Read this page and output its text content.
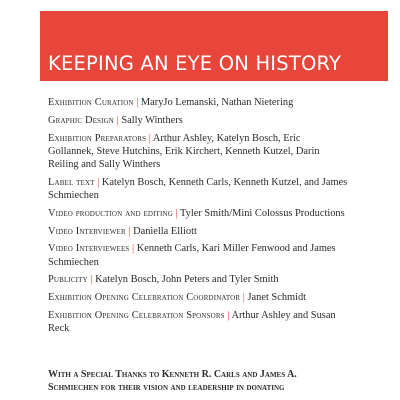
KEEPING AN EYE ON HISTORY

Exhibition Curation | MaryJo Lemanski, Nathan Nietering

Graphic Design | Sally Winthers

Exhibition Preparators | Arthur Ashley, Katelyn Bosch, Eric Gollannek, Steve Hutchins, Erik Kirchert, Kenneth Kutzel, Darin Reiling and Sally Winthers

Label text | Katelyn Bosch, Kenneth Carls, Kenneth Kutzel, and James Schmiechen

Video production and editing | Tyler Smith/Mini Colossus Productions

Video Interviewer | Daniella Elliott

Video Interviewees | Kenneth Carls, Kari Miller Fenwood and James Schmiechen

Publicity | Katelyn Bosch, John Peters and Tyler Smith

Exhibition Opening Celebration Coordinator | Janet Schmidt

Exhibition Opening Celebration Sponsors | Arthur Ashley and Susan Reck

With a Special Thanks to Kenneth R. Carls and James A. Schmiechen for their vision and leadership in donating
